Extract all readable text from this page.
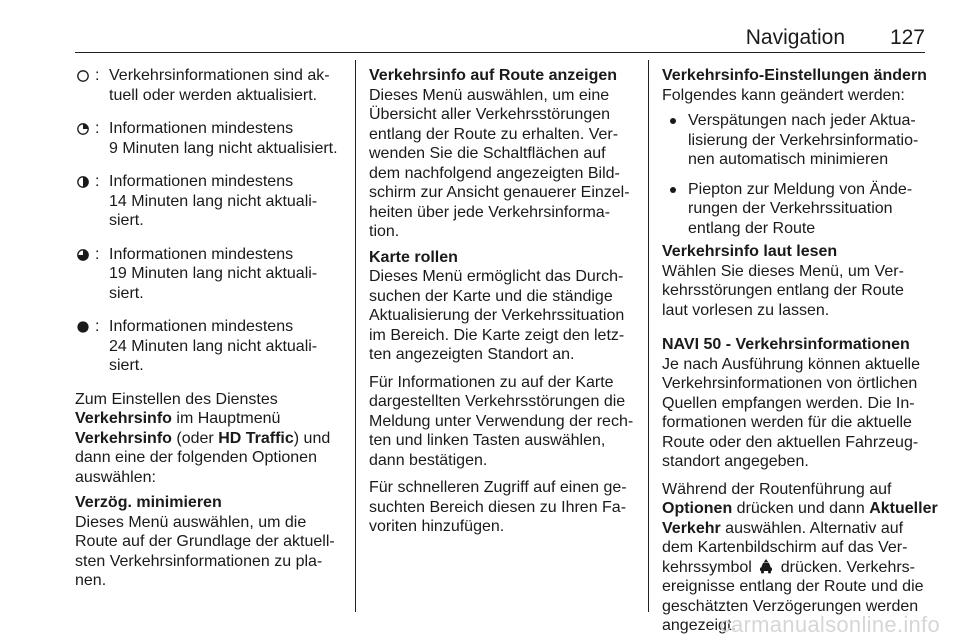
Navigation 127
: Verkehrsinformationen sind ak-
tuell oder werden aktualisiert.
: Informationen mindestens
9 Minuten lang nicht aktualisiert.
: Informationen mindestens
14 Minuten lang nicht aktuali-
siert.
: Informationen mindestens
19 Minuten lang nicht aktuali-
siert.
: Informationen mindestens
24 Minuten lang nicht aktuali-
siert.
Zum Einstellen des Dienstes
Verkehrsinfo im Hauptmenü
Verkehrsinfo (oder HD Traffic) und
dann eine der folgenden Optionen
auswählen:
Verzög. minimieren
Dieses Menü auswählen, um die
Route auf der Grundlage der aktuell-
sten Verkehrsinformationen zu pla-
nen.
Verkehrsinfo auf Route anzeigen
Dieses Menü auswählen, um eine
Übersicht aller Verkehrsstörungen
entlang der Route zu erhalten. Ver-
wenden Sie die Schaltflächen auf
dem nachfolgend angezeigten Bild-
schirm zur Ansicht genauerer Einzel-
heiten über jede Verkehrsinforma-
tion.
Karte rollen
Dieses Menü ermöglicht das Durch-
suchen der Karte und die ständige
Aktualisierung der Verkehrssituation
im Bereich. Die Karte zeigt den letz-
ten angezeigten Standort an.
Für Informationen zu auf der Karte
dargestellten Verkehrsstörungen die
Meldung unter Verwendung der rech-
ten und linken Tasten auswählen,
dann bestätigen.
Für schnelleren Zugriff auf einen ge-
suchten Bereich diesen zu Ihren Fa-
voriten hinzufügen.
Verkehrsinfo-Einstellungen ändern
Folgendes kann geändert werden:
Verspätungen nach jeder Aktua-
lisierung der Verkehrsinformatio-
nen automatisch minimieren
Piepton zur Meldung von Ände-
rungen der Verkehrssituation
entlang der Route
Verkehrsinfo laut lesen
Wählen Sie dieses Menü, um Ver-
kehrsstörungen entlang der Route
laut vorlesen zu lassen.
NAVI 50 - Verkehrsinformationen
Je nach Ausführung können aktuelle
Verkehrsinformationen von örtlichen
Quellen empfangen werden. Die In-
formationen werden für die aktuelle
Route oder den aktuellen Fahrzeug-
standort angegeben.
Während der Routenführung auf
Optionen drücken und dann Aktueller
Verkehr auswählen. Alternativ auf
dem Kartenbildschirm auf das Ver-
kehrssymbol  drücken. Verkehrs-
ereignisse entlang der Route und die
geschätzten Verzögerungen werden
angezeigt.
carmanualsonline.info
